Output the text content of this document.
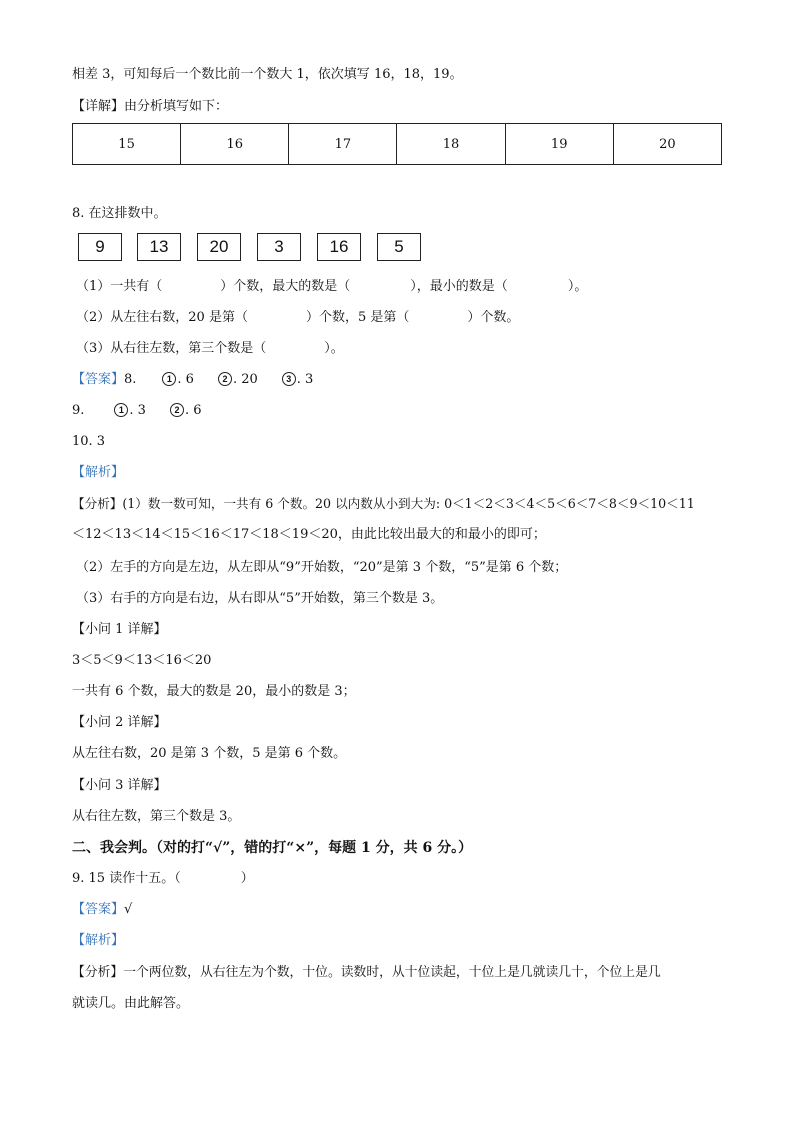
相差 3，可知每后一个数比前一个数大 1，依次填写 16，18，19。
【详解】由分析填写如下：
15	16	17	18	19	20
8. 在这排数中。
9	13	20	3	16	5
（1）一共有（	）个数，最大的数是（	），最小的数是（	）。
（2）从左往右数，20 是第（	）个数，5 是第（	）个数。
（3）从右往左数，第三个数是（	）。
【答案】8.	1 . 6	2 . 20	3 . 3
9.	1 . 3	2 . 6
10. 3
【解析】
【分析】(1）数一数可知，一共有 6 个数。20 以内数从小到大为: 0＜1＜2＜3＜4＜5＜6＜7＜8＜9＜10＜11
＜12＜13＜14＜15＜16＜17＜18＜19＜20，由此比较出最大的和最小的即可；
（2）左手的方向是左边，从左即从“9”开始数，“20”是第 3 个数，“5”是第 6 个数；
（3）右手的方向是右边，从右即从“5”开始数，第三个数是 3。
【小问 1 详解】
3＜5＜9＜13＜16＜20
一共有 6 个数，最大的数是 20，最小的数是 3；
【小问 2 详解】
从左往右数，20 是第 3 个数，5 是第 6 个数。
【小问 3 详解】
从右往左数，第三个数是 3。
二、我会判。（对的打“√”，错的打“×”，每题 1 分，共 6 分。）
9. 15 读作十五。（	）
【答案】√
【解析】
【分析】一个两位数，从右往左为个数，十位。读数时，从十位读起，十位上是几就读几十，个位上是几
就读几。由此解答。
